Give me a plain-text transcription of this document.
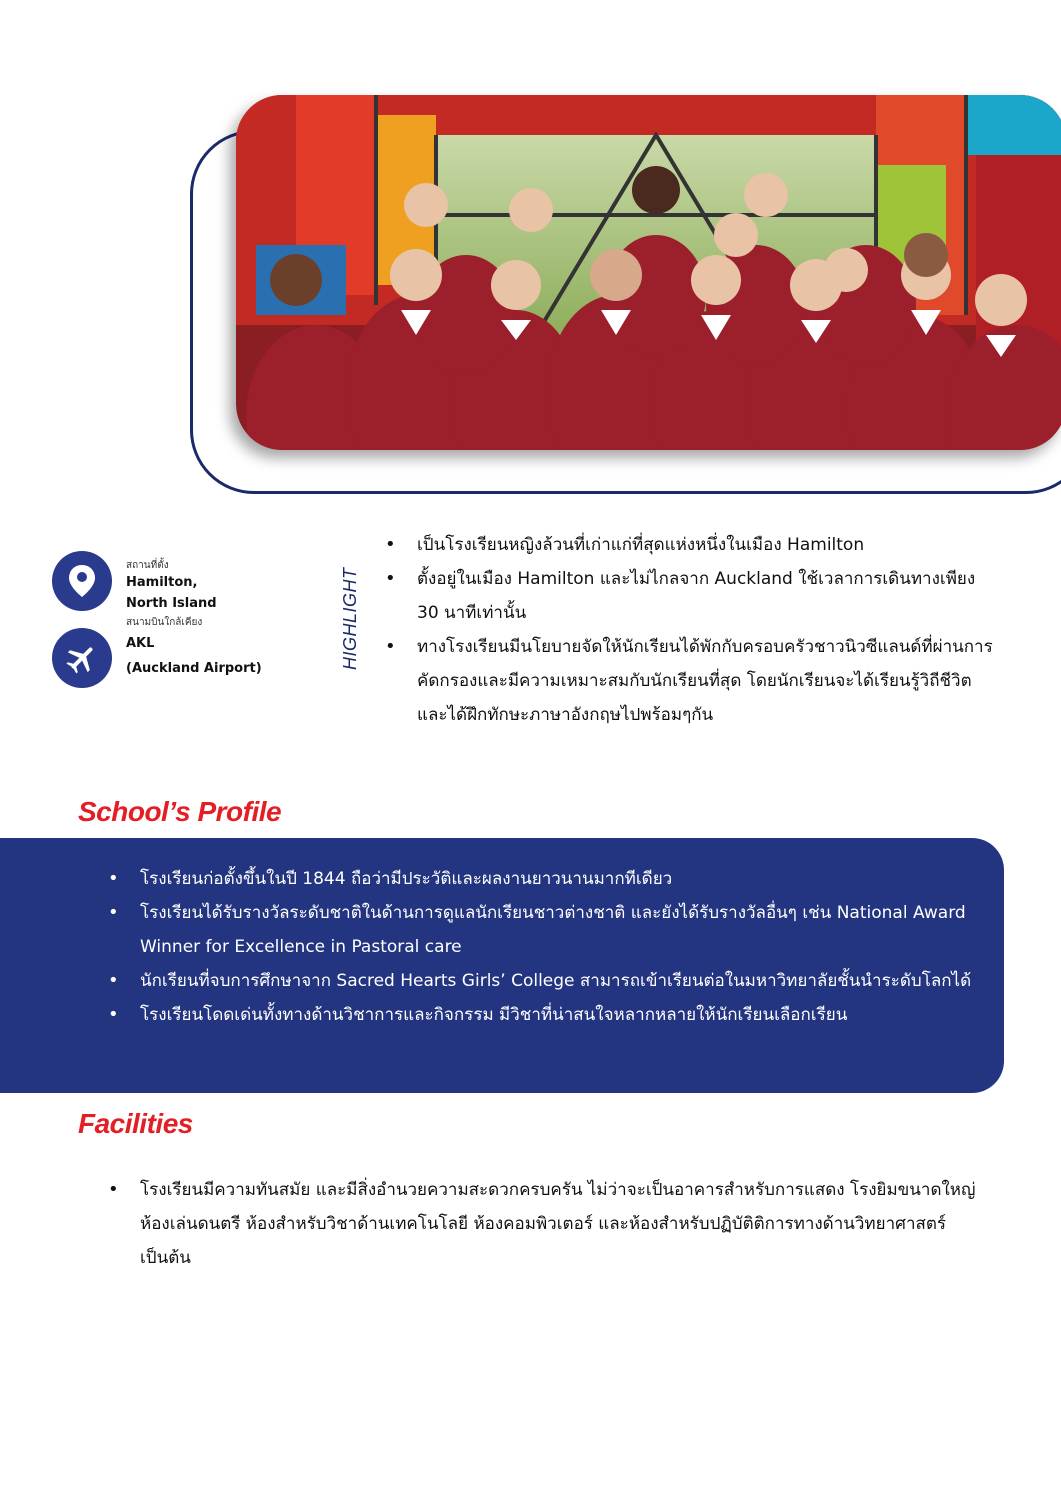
สถานที่ตั้ง
Hamilton,
North Island
สนามบินใกล้เคียง
AKL
(Auckland Airport)	HIGHLIGHT
• เป็นโรงเรียนหญิงล้วนที่เก่าแก่ที่สุดแห่งหนึ่งในเมือง Hamilton
• ตั้งอยู่ในเมือง Hamilton และไม่ไกลจาก Auckland ใช้เวลาการเดินทางเพียง 30 นาทีเท่านั้น
• ทางโรงเรียนมีนโยบายจัดให้นักเรียนได้พักกับครอบครัวชาวนิวซีแลนด์ที่ผ่านการคัดกรองและมีความเหมาะสมกับนักเรียนที่สุด โดยนักเรียนจะได้เรียนรู้วิถีชีวิต และได้ฝึกทักษะภาษาอังกฤษไปพร้อมๆกัน
School’s Profile
• โรงเรียนก่อตั้งขึ้นในปี 1844 ถือว่ามีประวัติและผลงานยาวนานมากทีเดียว
• โรงเรียนได้รับรางวัลระดับชาติในด้านการดูแลนักเรียนชาวต่างชาติ และยังได้รับรางวัลอื่นๆ เช่น National Award Winner for Excellence in Pastoral care
• นักเรียนที่จบการศึกษาจาก Sacred Hearts Girls’ College สามารถเข้าเรียนต่อในมหาวิทยาลัยชั้นนำระดับโลกได้
• โรงเรียนโดดเด่นทั้งทางด้านวิชาการและกิจกรรม มีวิชาที่น่าสนใจหลากหลายให้นักเรียนเลือกเรียน
Facilities
• โรงเรียนมีความทันสมัย และมีสิ่งอำนวยความสะดวกครบครัน ไม่ว่าจะเป็นอาคารสำหรับการแสดง โรงยิมขนาดใหญ่ ห้องเล่นดนตรี ห้องสำหรับวิชาด้านเทคโนโลยี ห้องคอมพิวเตอร์ และห้องสำหรับปฏิบัติติการทางด้านวิทยาศาสตร์ เป็นต้น
